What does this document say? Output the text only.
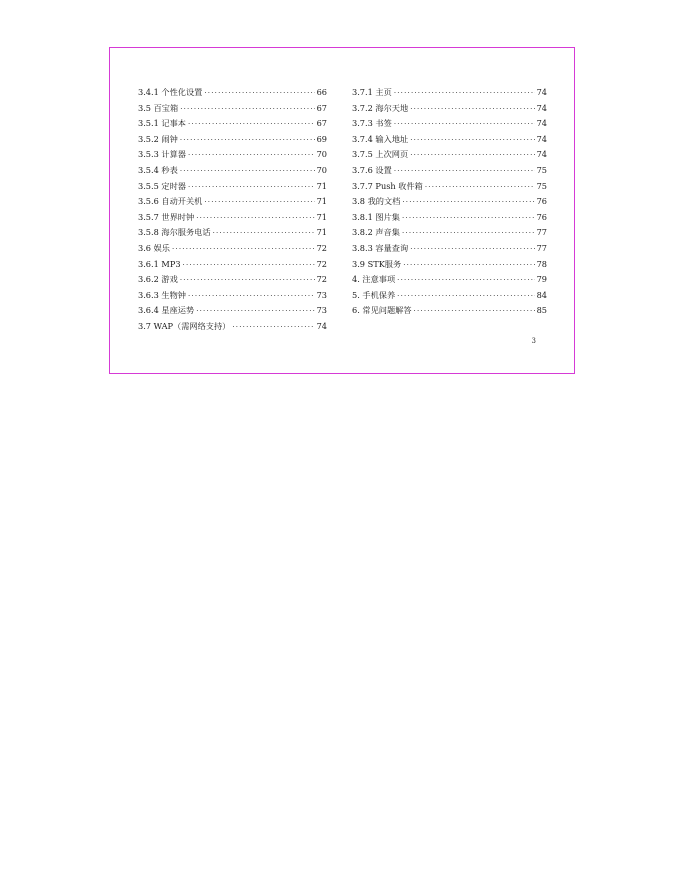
3.4.1 个性化设置 ·····	66
3.5 百宝箱 ·····	67
3.5.1 记事本 ·····	67
3.5.2 闹钟 ·····	69
3.5.3 计算器 ·····	70
3.5.4 秒表 ·····	70
3.5.5 定时器 ·····	71
3.5.6 自动开关机 ·····	71
3.5.7 世界时钟 ·····	71
3.5.8 海尔服务电话 ·····	71
3.6 娱乐 ·····	72
3.6.1 MP3 ·····	72
3.6.2 游戏 ·····	72
3.6.3 生物钟 ·····	73
3.6.4 星座运势 ·····	73
3.7 WAP（需网络支持） ·····	74
3.7.1 主页 ·····	74
3.7.2 海尔天地 ·····	74
3.7.3 书签 ·····	74
3.7.4 输入地址 ·····	74
3.7.5 上次网页 ·····	74
3.7.6 设置 ·····	75
3.7.7 Push 收件箱 ·····	75
3.8 我的文档 ·····	76
3.8.1 图片集 ·····	76
3.8.2 声音集 ·····	77
3.8.3 容量查询 ·····	77
3.9 STK服务 ·····	78
4. 注意事项 ·····	79
5. 手机保养 ·····	84
6. 常见问题解答 ·····	85
3
